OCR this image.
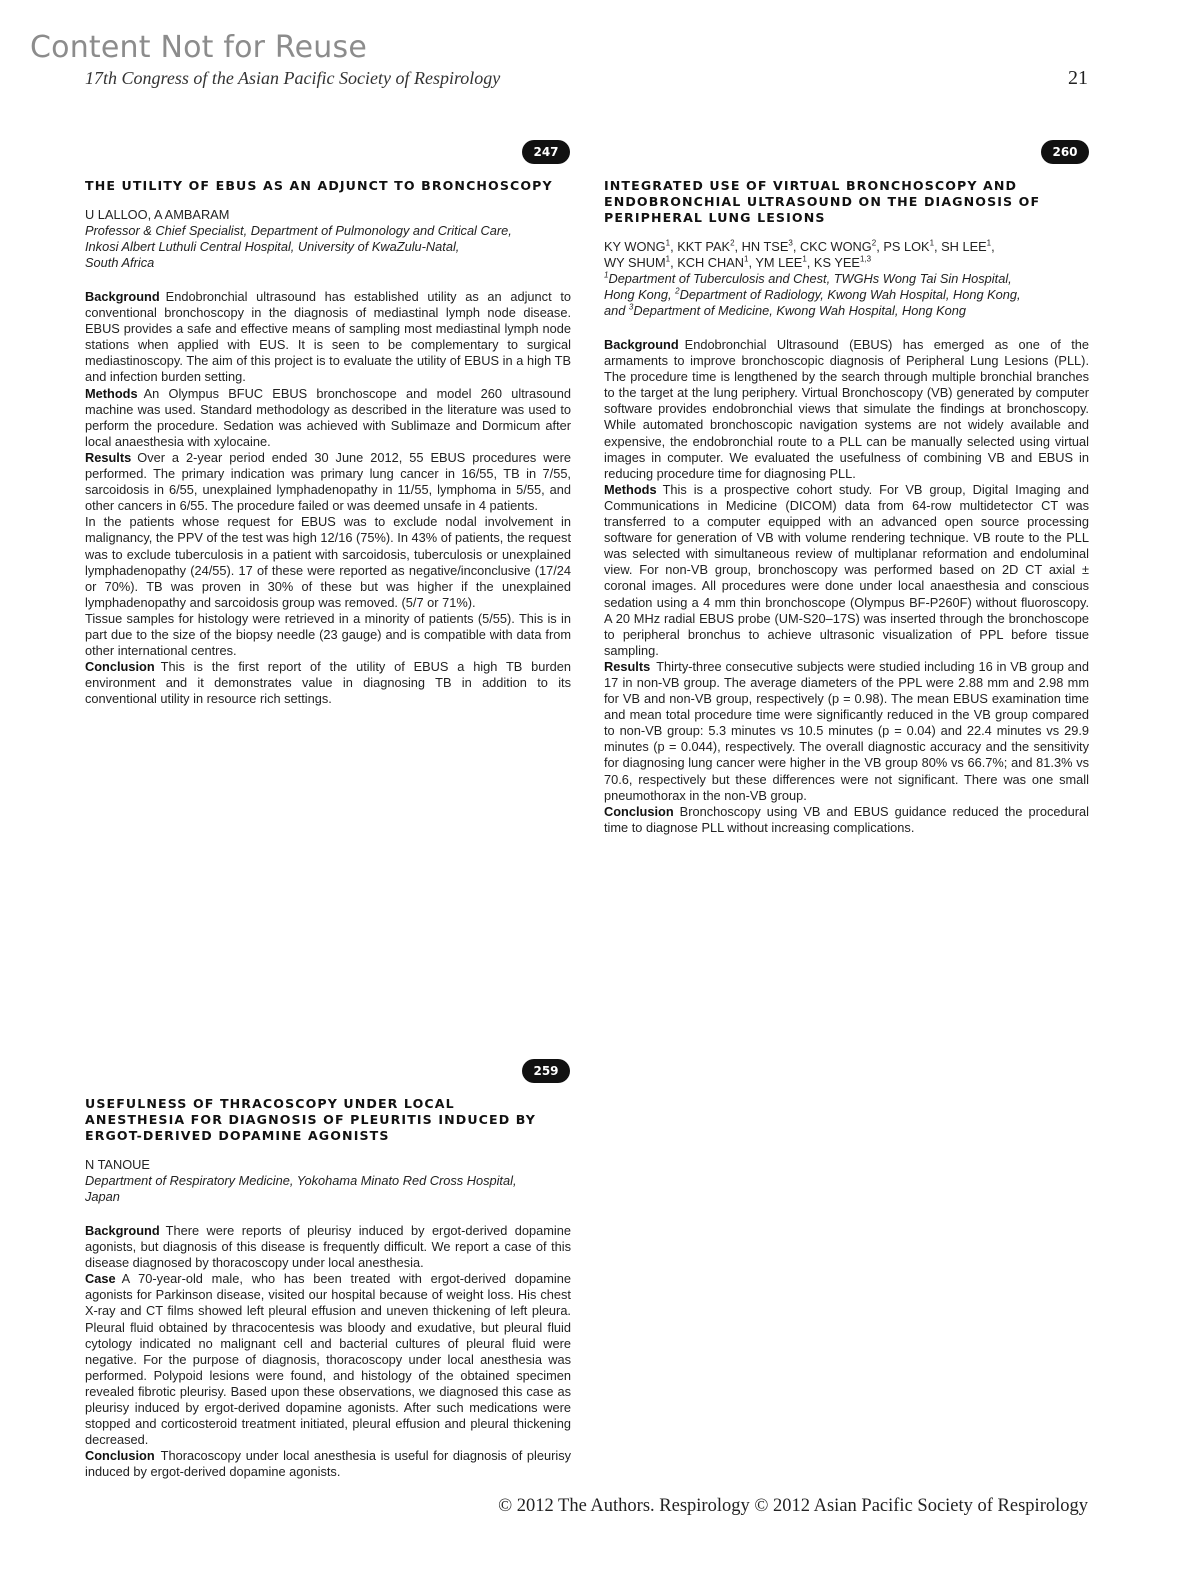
Content Not for Reuse
17th Congress of the Asian Pacific Society of Respirology	21
247
THE UTILITY OF EBUS AS AN ADJUNCT TO BRONCHOSCOPY
U LALLOO, A AMBARAM
Professor & Chief Specialist, Department of Pulmonology and Critical Care,
Inkosi Albert Luthuli Central Hospital, University of KwaZulu-Natal,
South Africa

Background Endobronchial ultrasound has established utility as an adjunct to conventional bronchoscopy in the diagnosis of mediastinal lymph node disease. EBUS provides a safe and effective means of sampling most mediastinal lymph node stations when applied with EUS. It is seen to be complementary to surgical mediastinoscopy. The aim of this project is to evaluate the utility of EBUS in a high TB and infection burden setting.

Methods An Olympus BFUC EBUS bronchoscope and model 260 ultrasound machine was used. Standard methodology as described in the literature was used to perform the procedure. Sedation was achieved with Sublimaze and Dormicum after local anaesthesia with xylocaine.

Results Over a 2-year period ended 30 June 2012, 55 EBUS procedures were performed. The primary indication was primary lung cancer in 16/55, TB in 7/55, sarcoidosis in 6/55, unexplained lymphadenopathy in 11/55, lymphoma in 5/55, and other cancers in 6/55. The procedure failed or was deemed unsafe in 4 patients.

In the patients whose request for EBUS was to exclude nodal involvement in malignancy, the PPV of the test was high 12/16 (75%). In 43% of patients, the request was to exclude tuberculosis in a patient with sarcoidosis, tuberculosis or unexplained lymphadenopathy (24/55). 17 of these were reported as negative/inconclusive (17/24 or 70%). TB was proven in 30% of these but was higher if the unexplained lymphadenopathy and sarcoidosis group was removed. (5/7 or 71%).

Tissue samples for histology were retrieved in a minority of patients (5/55). This is in part due to the size of the biopsy needle (23 gauge) and is compatible with data from other international centres.

Conclusion This is the first report of the utility of EBUS a high TB burden environment and it demonstrates value in diagnosing TB in addition to its conventional utility in resource rich settings.

260
INTEGRATED USE OF VIRTUAL BRONCHOSCOPY AND
ENDOBRONCHIAL ULTRASOUND ON THE DIAGNOSIS OF
PERIPHERAL LUNG LESIONS
KY WONG$^1$, KKT PAK$^2$, HN TSE$^3$, CKC WONG$^2$, PS LOK$^1$, SH LEE$^1$,
WY SHUM$^1$, KCH CHAN$^1$, YM LEE$^1$, KS YEE$^{1,3}$
$^1$Department of Tuberculosis and Chest, TWGHs Wong Tai Sin Hospital,
Hong Kong, $^2$Department of Radiology, Kwong Wah Hospital, Hong Kong,
and $^3$Department of Medicine, Kwong Wah Hospital, Hong Kong

Background Endobronchial Ultrasound (EBUS) has emerged as one of the armaments to improve bronchoscopic diagnosis of Peripheral Lung Lesions (PLL). The procedure time is lengthened by the search through multiple bronchial branches to the target at the lung periphery. Virtual Bronchoscopy (VB) generated by computer software provides endobronchial views that simulate the findings at bronchoscopy. While automated bronchoscopic navigation systems are not widely available and expensive, the endobronchial route to a PLL can be manually selected using virtual images in computer. We evaluated the usefulness of combining VB and EBUS in reducing procedure time for diagnosing PLL.

Methods This is a prospective cohort study. For VB group, Digital Imaging and Communications in Medicine (DICOM) data from 64-row multidetector CT was transferred to a computer equipped with an advanced open source processing software for generation of VB with volume rendering technique. VB route to the PLL was selected with simultaneous review of multiplanar reformation and endoluminal view. For non-VB group, bronchoscopy was performed based on 2D CT axial ± coronal images. All procedures were done under local anaesthesia and conscious sedation using a 4 mm thin bronchoscope (Olympus BF-P260F) without fluoroscopy. A 20 MHz radial EBUS probe (UM-S20–17S) was inserted through the bronchoscope to peripheral bronchus to achieve ultrasonic visualization of PPL before tissue sampling.

Results Thirty-three consecutive subjects were studied including 16 in VB group and 17 in non-VB group. The average diameters of the PPL were 2.88 mm and 2.98 mm for VB and non-VB group, respectively (p = 0.98). The mean EBUS examination time and mean total procedure time were significantly reduced in the VB group compared to non-VB group: 5.3 minutes vs 10.5 minutes (p = 0.04) and 22.4 minutes vs 29.9 minutes (p = 0.044), respectively. The overall diagnostic accuracy and the sensitivity for diagnosing lung cancer were higher in the VB group 80% vs 66.7%; and 81.3% vs 70.6, respectively but these differences were not significant. There was one small pneumothorax in the non-VB group.

Conclusion Bronchoscopy using VB and EBUS guidance reduced the procedural time to diagnose PLL without increasing complications.

259
USEFULNESS OF THRACOSCOPY UNDER LOCAL
ANESTHESIA FOR DIAGNOSIS OF PLEURITIS INDUCED BY
ERGOT-DERIVED DOPAMINE AGONISTS
N TANOUE
Department of Respiratory Medicine, Yokohama Minato Red Cross Hospital,
Japan

Background There were reports of pleurisy induced by ergot-derived dopamine agonists, but diagnosis of this disease is frequently difficult. We report a case of this disease diagnosed by thoracoscopy under local anesthesia.

Case A 70-year-old male, who has been treated with ergot-derived dopamine agonists for Parkinson disease, visited our hospital because of weight loss. His chest X-ray and CT films showed left pleural effusion and uneven thickening of left pleura. Pleural fluid obtained by thracocentesis was bloody and exudative, but pleural fluid cytology indicated no malignant cell and bacterial cultures of pleural fluid were negative. For the purpose of diagnosis, thoracoscopy under local anesthesia was performed. Polypoid lesions were found, and histology of the obtained specimen revealed fibrotic pleurisy. Based upon these observations, we diagnosed this case as pleurisy induced by ergot-derived dopamine agonists. After such medications were stopped and corticosteroid treatment initiated, pleural effusion and pleural thickening decreased.

Conclusion Thoracoscopy under local anesthesia is useful for diagnosis of pleurisy induced by ergot-derived dopamine agonists.

© 2012 The Authors. Respirology © 2012 Asian Pacific Society of Respirology
